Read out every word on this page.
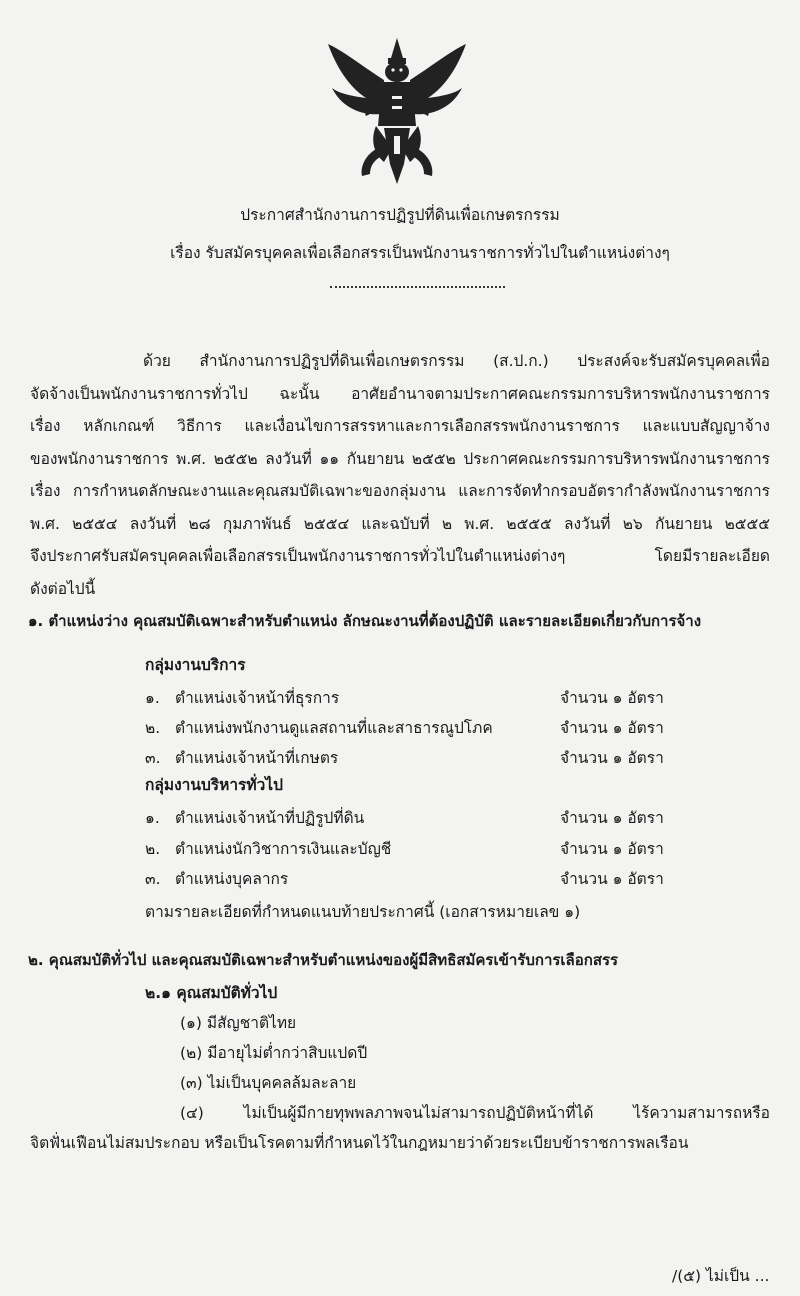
ประกาศสำนักงานการปฏิรูปที่ดินเพื่อเกษตรกรรม
เรื่อง รับสมัครบุคคลเพื่อเลือกสรรเป็นพนักงานราชการทั่วไปในตำแหน่งต่างๆ
ด้วย สำนักงานการปฏิรูปที่ดินเพื่อเกษตรกรรม (ส.ป.ก.) ประสงค์จะรับสมัครบุคคลเพื่อ
จัดจ้างเป็นพนักงานราชการทั่วไป ฉะนั้น อาศัยอำนาจตามประกาศคณะกรรมการบริหารพนักงานราชการ
เรื่อง หลักเกณฑ์ วิธีการ และเงื่อนไขการสรรหาและการเลือกสรรพนักงานราชการ และแบบสัญญาจ้าง
ของพนักงานราชการ พ.ศ. ๒๕๕๒ ลงวันที่ ๑๑ กันยายน ๒๕๕๒ ประกาศคณะกรรมการบริหารพนักงานราชการ
เรื่อง การกำหนดลักษณะงานและคุณสมบัติเฉพาะของกลุ่มงาน และการจัดทำกรอบอัตรากำลังพนักงานราชการ
พ.ศ. ๒๕๕๔ ลงวันที่ ๒๘ กุมภาพันธ์ ๒๕๕๔ และฉบับที่ ๒ พ.ศ. ๒๕๕๕ ลงวันที่ ๒๖ กันยายน ๒๕๕๕
จึงประกาศรับสมัครบุคคลเพื่อเลือกสรรเป็นพนักงานราชการทั่วไปในตำแหน่งต่างๆ โดยมีรายละเอียด
ดังต่อไปนี้
๑. ตำแหน่งว่าง คุณสมบัติเฉพาะสำหรับตำแหน่ง ลักษณะงานที่ต้องปฏิบัติ และรายละเอียดเกี่ยวกับการจ้าง
กลุ่มงานบริการ
๑. ตำแหน่งเจ้าหน้าที่ธุรการ	จำนวน ๑ อัตรา
๒. ตำแหน่งพนักงานดูแลสถานที่และสาธารณูปโภค	จำนวน ๑ อัตรา
๓. ตำแหน่งเจ้าหน้าที่เกษตร	จำนวน ๑ อัตรา
กลุ่มงานบริหารทั่วไป
๑. ตำแหน่งเจ้าหน้าที่ปฏิรูปที่ดิน	จำนวน ๑ อัตรา
๒. ตำแหน่งนักวิชาการเงินและบัญชี	จำนวน ๑ อัตรา
๓. ตำแหน่งบุคลากร	จำนวน ๑ อัตรา
ตามรายละเอียดที่กำหนดแนบท้ายประกาศนี้ (เอกสารหมายเลข ๑)
๒. คุณสมบัติทั่วไป และคุณสมบัติเฉพาะสำหรับตำแหน่งของผู้มีสิทธิสมัครเข้ารับการเลือกสรร
๒.๑ คุณสมบัติทั่วไป
(๑) มีสัญชาติไทย
(๒) มีอายุไม่ต่ำกว่าสิบแปดปี
(๓) ไม่เป็นบุคคลล้มละลาย
(๔) ไม่เป็นผู้มีกายทุพพลภาพจนไม่สามารถปฏิบัติหน้าที่ได้ ไร้ความสามารถหรือ
จิตฟั่นเฟือนไม่สมประกอบ หรือเป็นโรคตามที่กำหนดไว้ในกฎหมายว่าด้วยระเบียบข้าราชการพลเรือน
/(๕) ไม่เป็น ...
